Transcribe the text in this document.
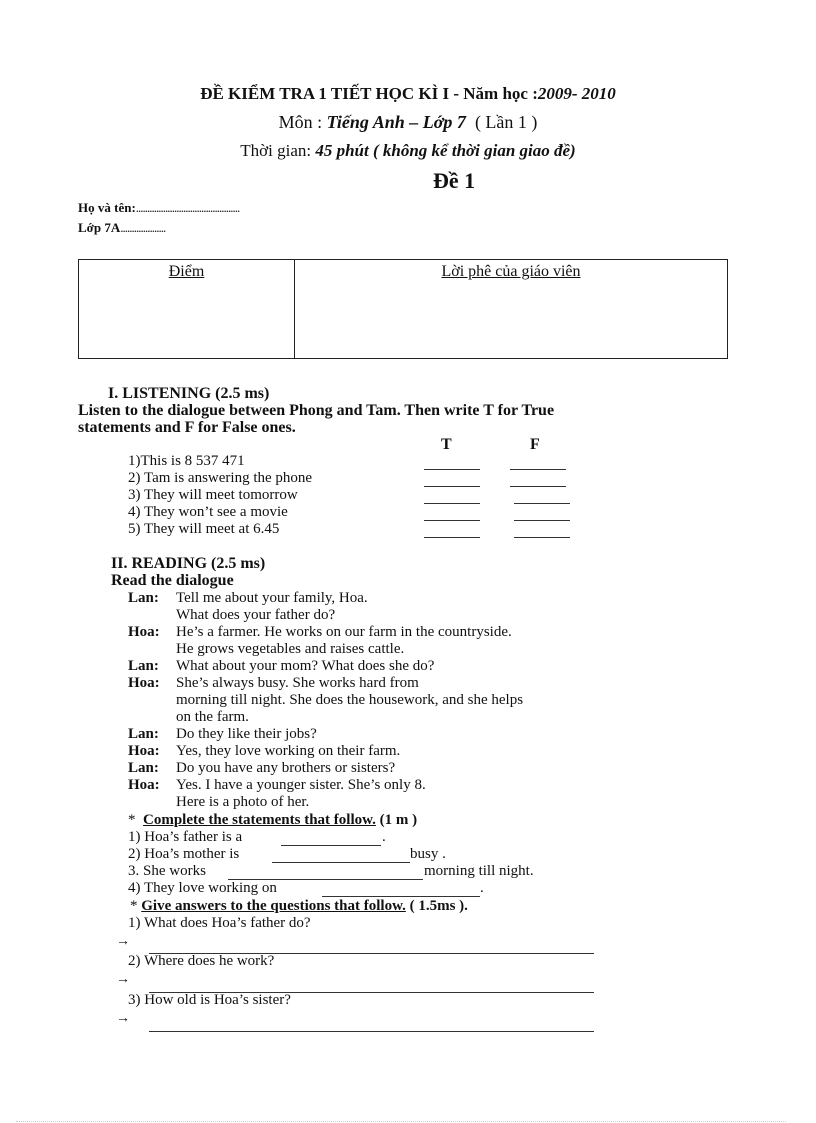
ĐỀ KIỂM TRA 1 TIẾT HỌC KÌ I - Năm học :2009- 2010
Môn : Tiếng Anh – Lớp 7  ( Lần 1 )
Thời gian: 45 phút ( không kể thời gian giao đề)
Đề 1
Họ và tên:..............................................
Lớp 7A....................
Điểm	Lời phê của giáo viên
I. LISTENING (2.5 ms)
Listen to the dialogue between Phong and Tam. Then write T for True
statements and F for False ones.
T	F
1)This is 8 537 471
2) Tam is answering the phone
3) They will meet tomorrow
4) They won’t see a movie
5) They will meet at 6.45
II. READING (2.5 ms)
Read the dialogue
Lan: Tell me about your family, Hoa.
What does your father do?
Hoa: He’s a farmer. He works on our farm in the countryside.
He grows vegetables and raises cattle.
Lan: What about your mom? What does she do?
Hoa: She’s always busy. She works hard from
morning till night. She does the housework, and she helps
on the farm.
Lan: Do they like their jobs?
Hoa: Yes, they love working on their farm.
Lan: Do you have any brothers or sisters?
Hoa: Yes. I have a younger sister. She’s only 8.
Here is a photo of her.
* Complete the statements that follow. (1 m )
1) Hoa’s father is a	.
2) Hoa’s mother is	busy .
3. She works	morning till night.
4) They love working on	.
* Give answers to the questions that follow. ( 1.5ms ).
1) What does Hoa’s father do?
→
2) Where does he work?
→
3) How old is Hoa’s sister?
→
